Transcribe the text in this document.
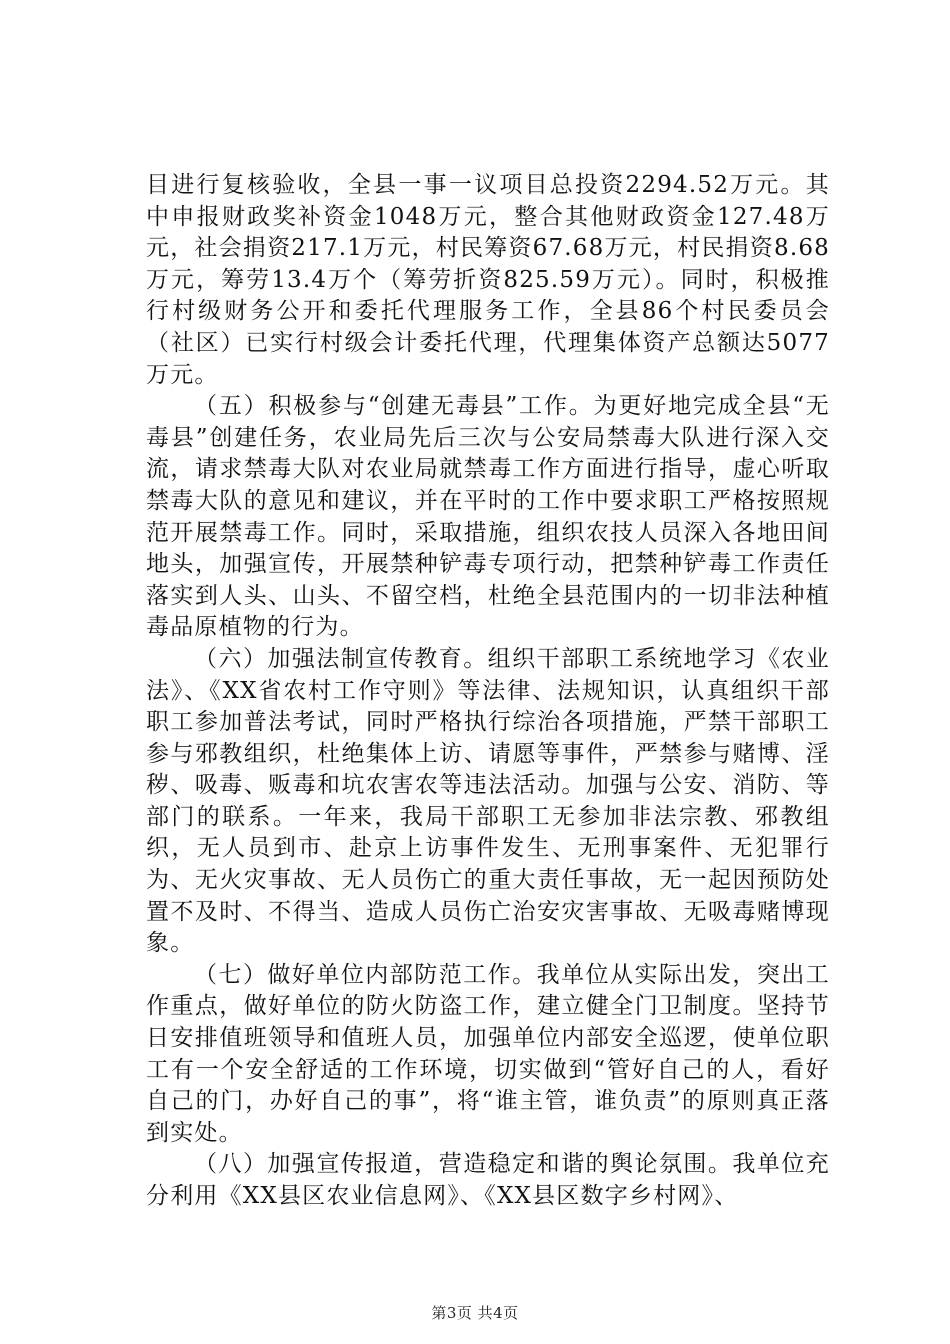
目进行复核验收，全县一事一议项目总投资2294.52万元。其中申报财政奖补资金1048万元，整合其他财政资金127.48万元，社会捐资217.1万元，村民筹资67.68万元，村民捐资8.68万元，筹劳13.4万个（筹劳折资825.59万元）。同时，积极推行村级财务公开和委托代理服务工作，全县86个村民委员会（社区）已实行村级会计委托代理，代理集体资产总额达5077万元。

（五）积极参与“创建无毒县”工作。为更好地完成全县“无毒县”创建任务，农业局先后三次与公安局禁毒大队进行深入交流，请求禁毒大队对农业局就禁毒工作方面进行指导，虚心听取禁毒大队的意见和建议，并在平时的工作中要求职工严格按照规范开展禁毒工作。同时，采取措施，组织农技人员深入各地田间地头，加强宣传，开展禁种铲毒专项行动，把禁种铲毒工作责任落实到人头、山头、不留空档，杜绝全县范围内的一切非法种植毒品原植物的行为。

（六）加强法制宣传教育。组织干部职工系统地学习《农业法》、《XX省农村工作守则》等法律、法规知识，认真组织干部职工参加普法考试，同时严格执行综治各项措施，严禁干部职工参与邪教组织，杜绝集体上访、请愿等事件，严禁参与赌博、淫秽、吸毒、贩毒和坑农害农等违法活动。加强与公安、消防、等部门的联系。一年来，我局干部职工无参加非法宗教、邪教组织，无人员到市、赴京上访事件发生、无刑事案件、无犯罪行为、无火灾事故、无人员伤亡的重大责任事故，无一起因预防处置不及时、不得当、造成人员伤亡治安灾害事故、无吸毒赌博现象。

（七）做好单位内部防范工作。我单位从实际出发，突出工作重点，做好单位的防火防盗工作，建立健全门卫制度。坚持节日安排值班领导和值班人员，加强单位内部安全巡逻，使单位职工有一个安全舒适的工作环境，切实做到“管好自己的人，看好自己的门，办好自己的事”，将“谁主管，谁负责”的原则真正落到实处。

（八）加强宣传报道，营造稳定和谐的舆论氛围。我单位充分利用《XX县区农业信息网》、《XX县区数字乡村网》、

第3页 共4页
